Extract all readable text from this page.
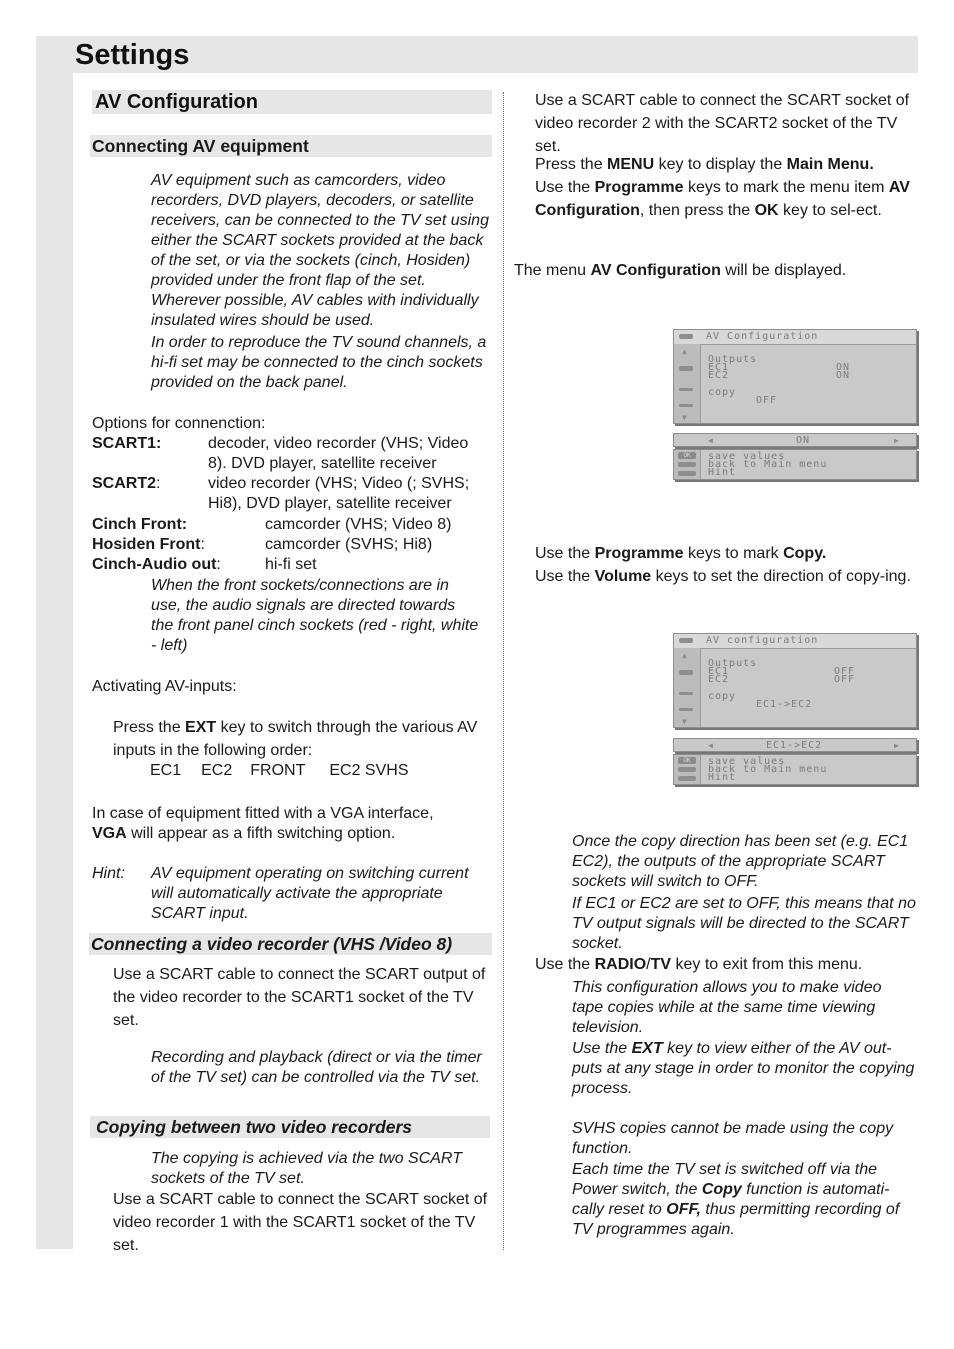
Settings
AV Configuration
Connecting AV equipment

AV equipment such as camcorders, video recorders, DVD players, decoders, or satellite receivers, can be connected to the TV set using either the SCART sockets provided at the back of the set, or via the sockets (cinch, Hosiden) provided under the front flap of the set. Wherever possible, AV cables with individually insulated wires should be used.

In order to reproduce the TV sound channels, a hi-fi set may be connected to the cinch sockets provided on the back panel.

Options for connenction:

SCART1:	decoder, video recorder (VHS; Video
8). DVD player, satellite receiver
SCART2:	video recorder (VHS; Video (; SVHS;
Hi8), DVD player, satellite receiver
Cinch Front:	camcorder (VHS; Video 8)
Hosiden Front:	camcorder (SVHS; Hi8)
Cinch-Audio out:	hi-fi set

When the front sockets/connections are in use, the audio signals are directed towards the front panel cinch sockets (red - right, white - left)

Activating AV-inputs:

Press the EXT key to switch through the various AV inputs in the following order:

EC1 EC2 FRONT EC2 SVHS

In case of equipment fitted with a VGA interface,
VGA will appear as a fifth switching option.

Hint: AV equipment operating on switching current will automatically activate the appropriate SCART input.

Connecting a video recorder (VHS /Video 8)

Use a SCART cable to connect the SCART output of the video recorder to the SCART1 socket of the TV set.

Recording and playback (direct or via the timer of the TV set) can be controlled via the TV set.

Copying between two video recorders

The copying is achieved via the two SCART sockets of the TV set.

Use a SCART cable to connect the SCART socket of video recorder 1 with the SCART1 socket of the TV set.

Use a SCART cable to connect the SCART socket of video recorder 2 with the SCART2 socket of the TV set.

Press the MENU key to display the Main Menu.

Use the Programme keys to mark the menu item AV Configuration, then press the OK key to sel-ect.

The menu AV Configuration will be displayed.

AV Configuration
▲
▼
Outputs
EC1	ON
EC2	ON
copy
OFF
◀	ON	▶
OK	save values
back to Main menu
Hint

Use the Programme keys to mark Copy.

Use the Volume keys to set the direction of copy-ing.

AV configuration
▲
▼
Outputs
EC1	OFF
EC2	OFF
copy
EC1->EC2
◀	EC1->EC2	▶
OK	save values
back to Main menu
Hint

Once the copy direction has been set (e.g. EC1 EC2), the outputs of the appropriate SCART sockets will switch to OFF.

If EC1 or EC2 are set to OFF, this means that no TV output signals will be directed to the SCART socket.

Use the RADIO/TV key to exit from this menu.

This configuration allows you to make video tape copies while at the same time viewing television.

Use the EXT key to view either of the AV out-puts at any stage in order to monitor the copying process.

SVHS copies cannot be made using the copy function.

Each time the TV set is switched off via the Power switch, the Copy function is automati-cally reset to OFF, thus permitting recording of TV programmes again.
